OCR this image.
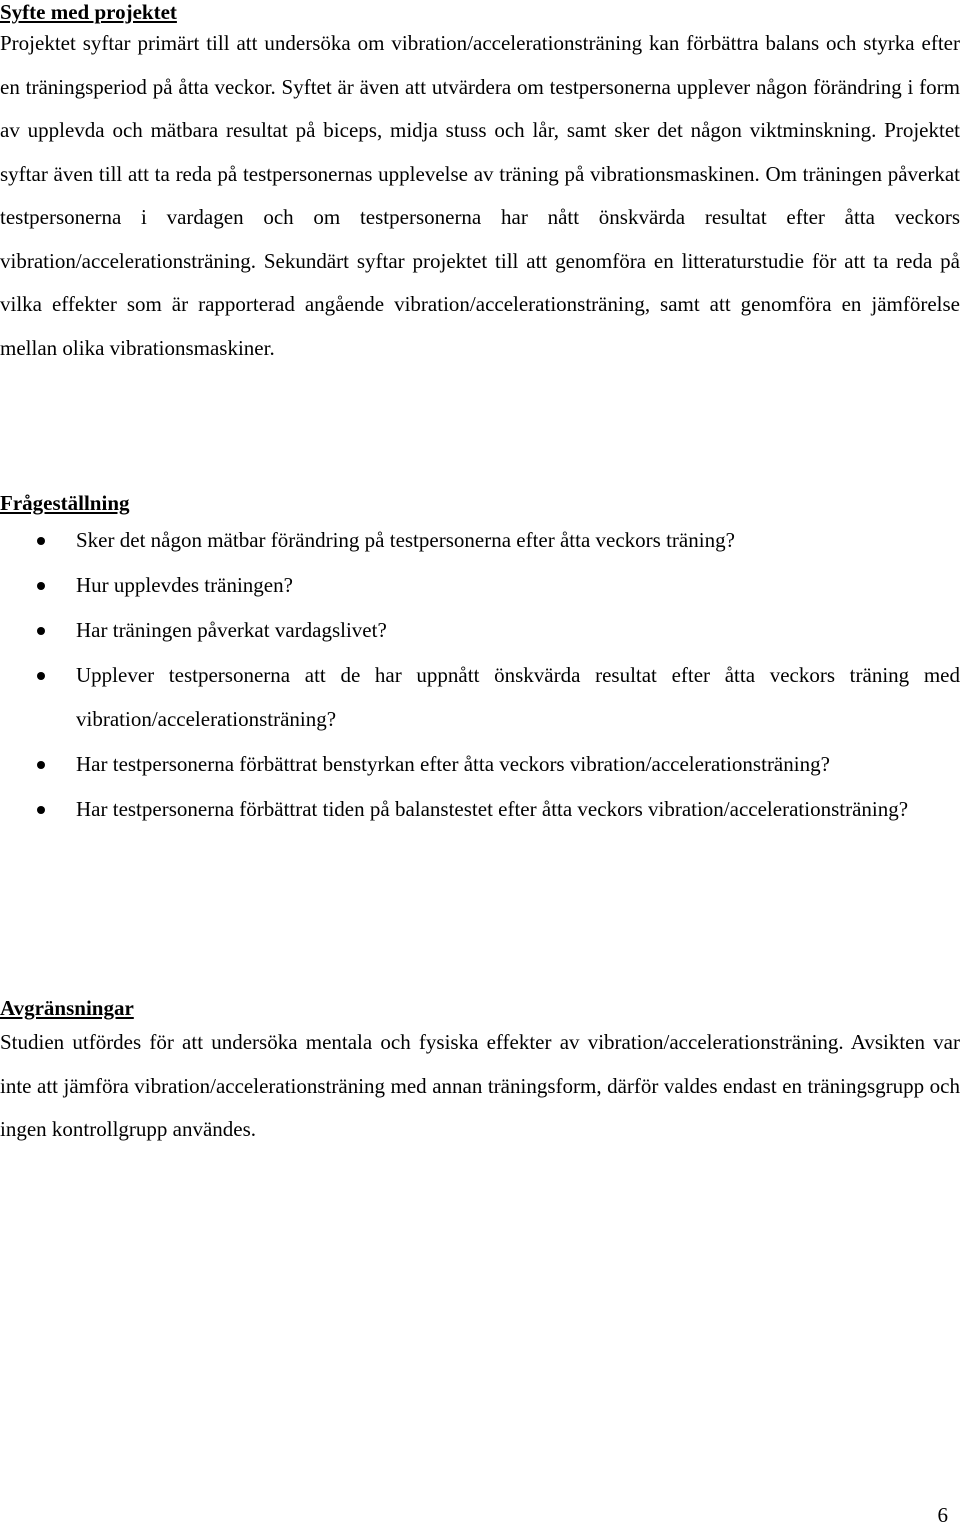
Syfte med projektet

Projektet syftar primärt till att undersöka om vibration/accelerationsträning kan förbättra balans och styrka efter en träningsperiod på åtta veckor. Syftet är även att utvärdera om testpersonerna upplever någon förändring i form av upplevda och mätbara resultat på biceps, midja stuss och lår, samt sker det någon viktminskning. Projektet syftar även till att ta reda på testpersonernas upplevelse av träning på vibrationsmaskinen. Om träningen påverkat testpersonerna i vardagen och om testpersonerna har nått önskvärda resultat efter åtta veckors vibration/accelerationsträning. Sekundärt syftar projektet till att genomföra en litteraturstudie för att ta reda på vilka effekter som är rapporterad angående vibration/accelerationsträning, samt att genomföra en jämförelse mellan olika vibrationsmaskiner.

Frågeställning
Sker det någon mätbar förändring på testpersonerna efter åtta veckors träning?
Hur upplevdes träningen?
Har träningen påverkat vardagslivet?
Upplever testpersonerna att de har uppnått önskvärda resultat efter åtta veckors träning med vibration/accelerationsträning?
Har testpersonerna förbättrat benstyrkan efter åtta veckors vibration/accelerationsträning?
Har testpersonerna förbättrat tiden på balanstestet efter åtta veckors vibration/accelerationsträning?
Avgränsningar

Studien utfördes för att undersöka mentala och fysiska effekter av vibration/accelerationsträning. Avsikten var inte att jämföra vibration/accelerationsträning med annan träningsform, därför valdes endast en träningsgrupp och ingen kontrollgrupp användes.

6
